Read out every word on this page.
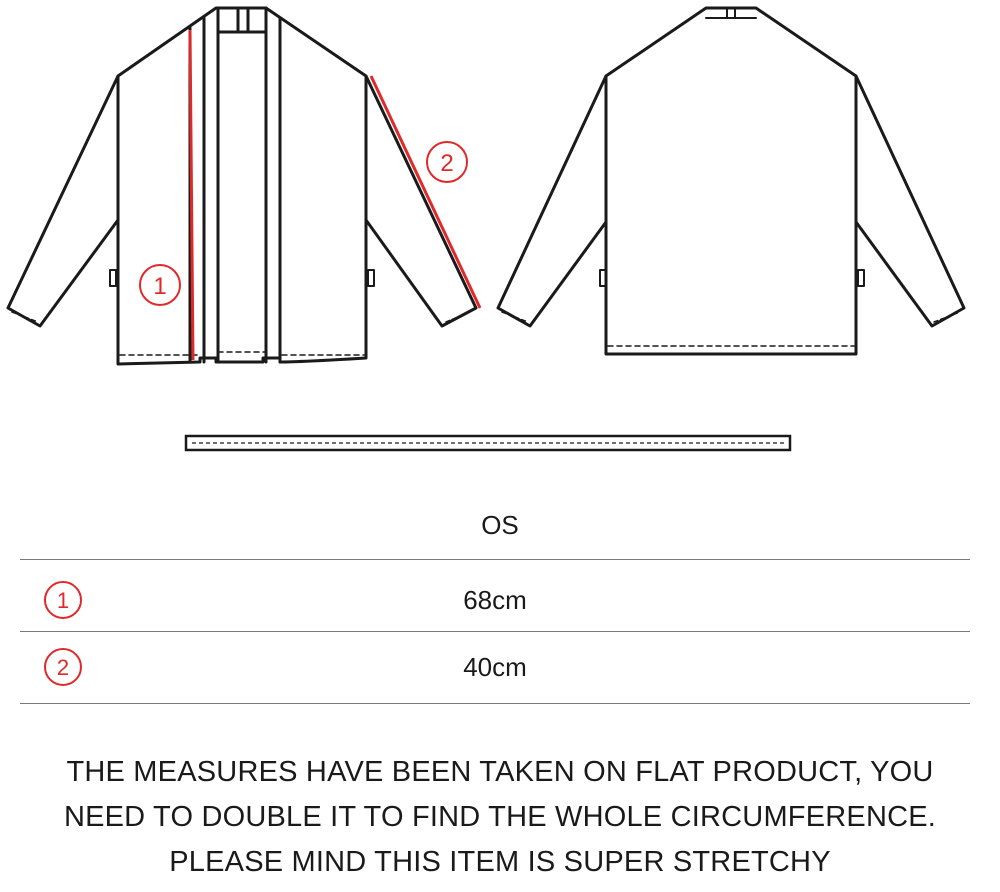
1
2
OS
1	68cm
2	40cm
THE MEASURES HAVE BEEN TAKEN ON FLAT PRODUCT, YOU
NEED TO DOUBLE IT TO FIND THE WHOLE CIRCUMFERENCE.
PLEASE MIND THIS ITEM IS SUPER STRETCHY
